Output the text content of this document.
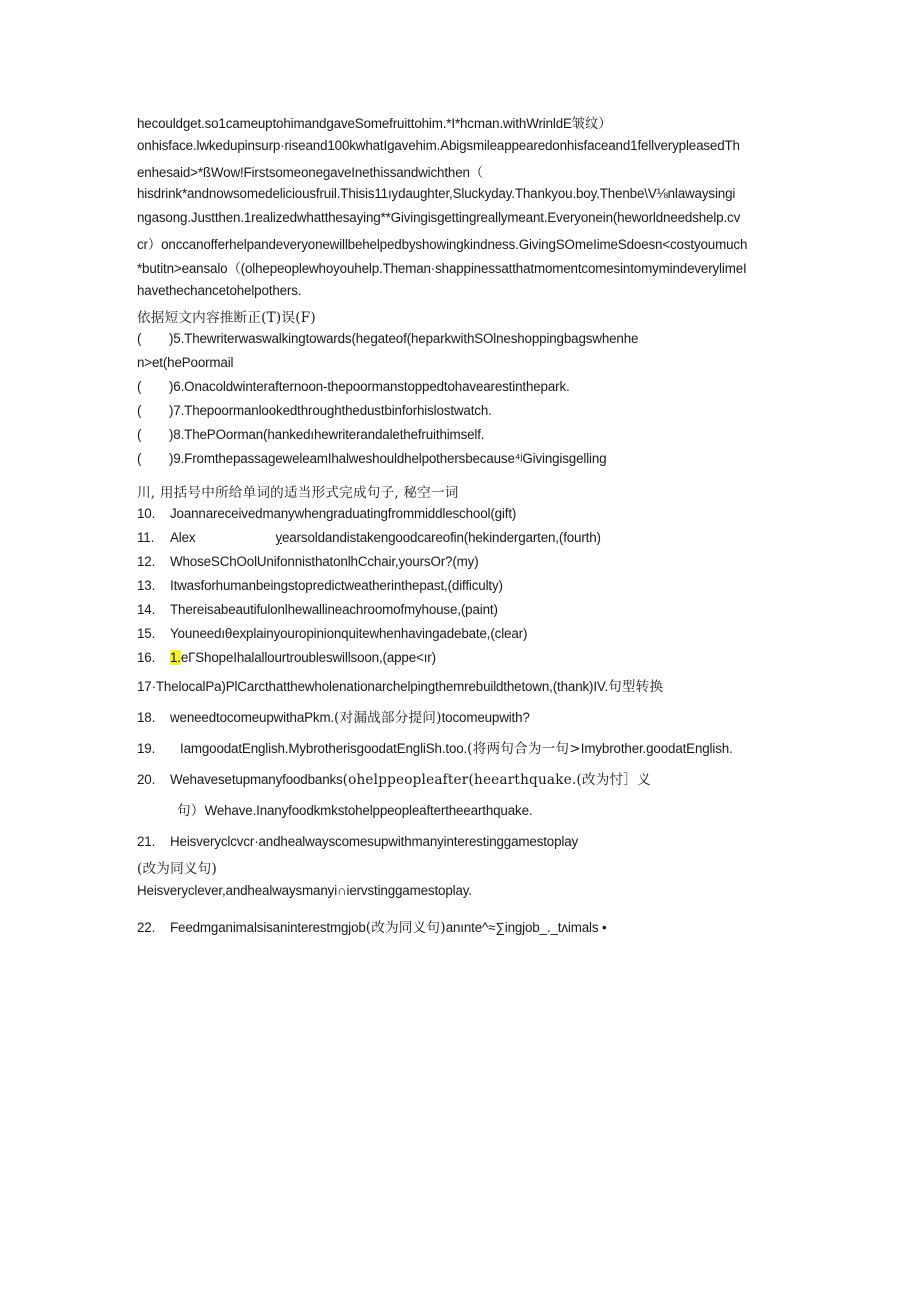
hecouldget.so1cameuptohimandgaveSomefruittohim.*I*hcman.withWrinldE皱纹）
onhisface.lwkedupinsurp·riseand100kwhatIgavehim.Abigsmileappearedonhisfaceand1fellverypleasedTh
enhesaid>*ßWow!FirstsomeonegaveInethissandwichthen（
hisdrink*andnowsomedeliciousfruil.Thisis11ıydaughter,Sluckyday.Thankyou.boy.Thenbe\V⅛nlawaysingi
ngasong.Justthen.1realizedwhatthesaying**Givingisgettingreallymeant.Everyonein(heworldneedshelp.cv
cr）onccanofferhelpandeveryonewillbehelpedbyshowingkindness.GivingSOmeIimeSdoesn<costyoumuch
*butitn>eansalo（(olhepeoplewhoyouhelp.Theman·shappinessatthatmomentcomesintomymindeverylimeI
havethechancetohelpothers.
依据短文内容推断正(T)误(F)
( )5.Thewriterwaswalkingtowards(hegateof(heparkwithSOlneshoppingbagswhenhe
n>et(hePoormail
( )6.Onacoldwinterafternoon-thepoormanstoppedtohavearestinthepark.
( )7.Thepoormanlookedthroughthedustbinforhislostwatch.
( )8.ThePOorman(hankedıhewriterandalethefruithimself.
( )9.FromthepassageweleamIhalweshouldhelpothersbecause⁴ʲGivingisgelling
川, 用括号中所给单词的适当形式完成句子, 秘空一词
10. Joannareceivedmanywhengraduatingfrommiddleschool(gift)
11. Alex	yearsoldandistakengoodcareofin(hekindergarten,(fourth)
12. WhoseSChOolUnifonnisthatonlhCchair,yoursOr?(my)
13. Itwasforhumanbeingstopredictweatherinthepast,(difficulty)
14. Thereisabeautifulonlhewallineachroomofmyhouse,(paint)
15. Youneedıθexplainyouropinionquitewhenhavingadebate,(clear)
16. 1.eГShopeIhalallourtroubleswillsoon,(appe<ır)
17·ThelocalPa)PlCarcthatthewholenationarchelpingthemrebuildthetown,(thank)IV.句型转换
18. weneedtocomeupwithaPkm.(对漏战部分提问)tocomeupwith?
19. IamgoodatEnglish.MybrotherisgoodatEngliSh.too.(将两句合为一句>Imybrother.goodatEnglish.
20. Wehavesetupmanyfoodbanks(ohelppeopleafter(heearthquake.(改为忖］义
句）Wehave.Inanyfoodkmkstohelppeopleaftertheearthquake.
21. Heisveryclcvcr·andhealwayscomesupwithmanyinterestinggamestoplay
(改为同义句)
Heisveryclever,andhealwaysmanyi∩iervstinggamestoplay.
22. Feedmganimalsisaninterestmgjob(改为同义句)anınte^≈∑ingjob_._tʌimals •
